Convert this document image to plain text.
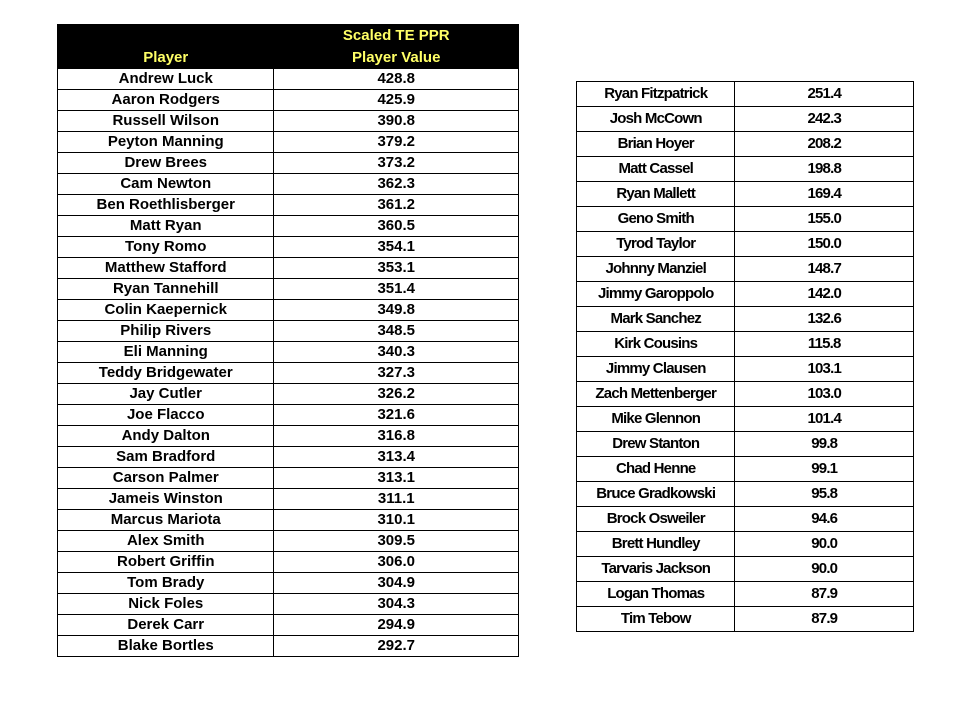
	Scaled TE PPR
Player	Player Value
Andrew Luck	428.8
Aaron Rodgers	425.9
Russell Wilson	390.8
Peyton Manning	379.2
Drew Brees	373.2
Cam Newton	362.3
Ben Roethlisberger	361.2
Matt Ryan	360.5
Tony Romo	354.1
Matthew Stafford	353.1
Ryan Tannehill	351.4
Colin Kaepernick	349.8
Philip Rivers	348.5
Eli Manning	340.3
Teddy Bridgewater	327.3
Jay Cutler	326.2
Joe Flacco	321.6
Andy Dalton	316.8
Sam Bradford	313.4
Carson Palmer	313.1
Jameis Winston	311.1
Marcus Mariota	310.1
Alex Smith	309.5
Robert Griffin	306.0
Tom Brady	304.9
Nick Foles	304.3
Derek Carr	294.9
Blake Bortles	292.7
Ryan Fitzpatrick	251.4
Josh McCown	242.3
Brian Hoyer	208.2
Matt Cassel	198.8
Ryan Mallett	169.4
Geno Smith	155.0
Tyrod Taylor	150.0
Johnny Manziel	148.7
Jimmy Garoppolo	142.0
Mark Sanchez	132.6
Kirk Cousins	115.8
Jimmy Clausen	103.1
Zach Mettenberger	103.0
Mike Glennon	101.4
Drew Stanton	99.8
Chad Henne	99.1
Bruce Gradkowski	95.8
Brock Osweiler	94.6
Brett Hundley	90.0
Tarvaris Jackson	90.0
Logan Thomas	87.9
Tim Tebow	87.9
